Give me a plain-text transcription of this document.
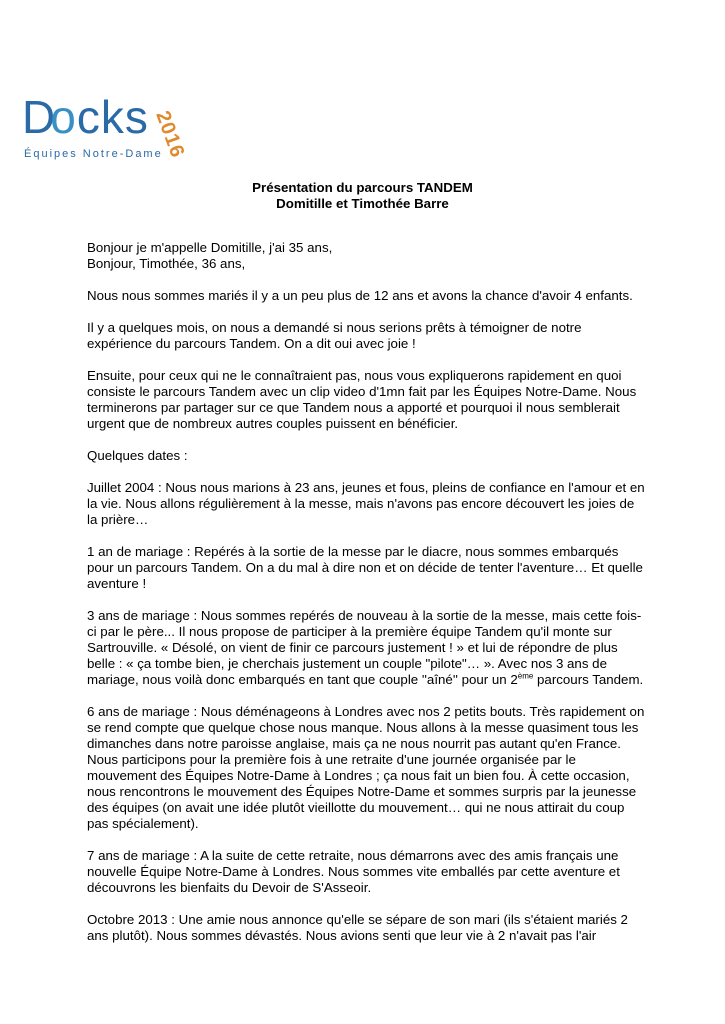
Docks 2016
Équipes Notre-Dame
Présentation du parcours TANDEM
Domitille et Timothée Barre

Bonjour je m'appelle Domitille, j'ai 35 ans,
Bonjour, Timothée, 36 ans,

Nous nous sommes mariés il y a un peu plus de 12 ans et avons la chance d'avoir 4 enfants.

Il y a quelques mois, on nous a demandé si nous serions prêts à témoigner de notre expérience du parcours Tandem. On a dit oui avec joie !

Ensuite, pour ceux qui ne le connaîtraient pas, nous vous expliquerons rapidement en quoi consiste le parcours Tandem avec un clip video d'1mn fait par les Équipes Notre-Dame. Nous terminerons par partager sur ce que Tandem nous a apporté et pourquoi il nous semblerait urgent que de nombreux autres couples puissent en bénéficier.

Quelques dates :

Juillet 2004 : Nous nous marions à 23 ans, jeunes et fous, pleins de confiance en l'amour et en la vie. Nous allons régulièrement à la messe, mais n'avons pas encore découvert les joies de la prière…

1 an de mariage : Repérés à la sortie de la messe par le diacre, nous sommes embarqués pour un parcours Tandem. On a du mal à dire non et on décide de tenter l'aventure… Et quelle aventure !

3 ans de mariage : Nous sommes repérés de nouveau à la sortie de la messe, mais cette fois-ci par le père... Il nous propose de participer à la première équipe Tandem qu'il monte sur Sartrouville. « Désolé, on vient de finir ce parcours justement ! » et lui de répondre de plus belle : « ça tombe bien, je cherchais justement un couple "pilote"… ». Avec nos 3 ans de mariage, nous voilà donc embarqués en tant que couple ''aîné'' pour un 2ème parcours Tandem.

6 ans de mariage : Nous déménageons à Londres avec nos 2 petits bouts. Très rapidement on se rend compte que quelque chose nous manque. Nous allons à la messe quasiment tous les dimanches dans notre paroisse anglaise, mais ça ne nous nourrit pas autant qu'en France. Nous participons pour la première fois à une retraite d'une journée organisée par le mouvement des Équipes Notre-Dame à Londres ; ça nous fait un bien fou. À cette occasion, nous rencontrons le mouvement des Équipes Notre-Dame et sommes surpris par la jeunesse des équipes (on avait une idée plutôt vieillotte du mouvement… qui ne nous attirait du coup pas spécialement).

7 ans de mariage : A la suite de cette retraite, nous démarrons avec des amis français une nouvelle Équipe Notre-Dame à Londres. Nous sommes vite emballés par cette aventure et découvrons les bienfaits du Devoir de S'Asseoir.

Octobre 2013 : Une amie nous annonce qu'elle se sépare de son mari (ils s'étaient mariés 2 ans plutôt). Nous sommes dévastés. Nous avions senti que leur vie à 2 n'avait pas l'air
